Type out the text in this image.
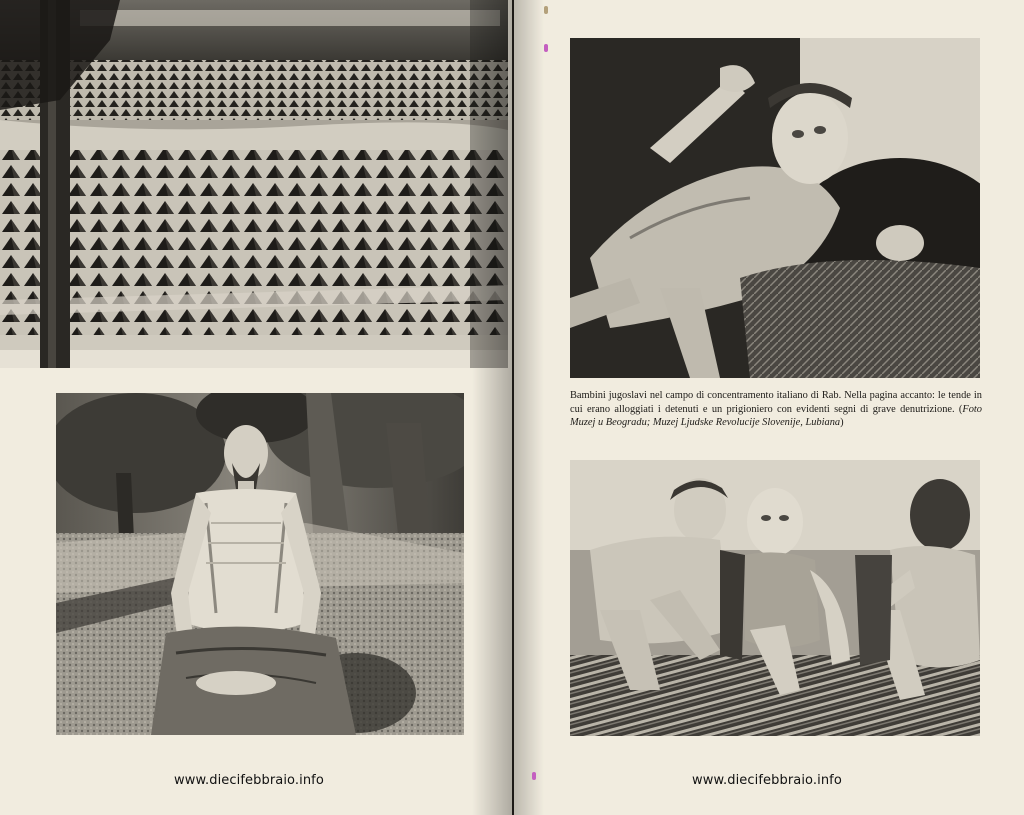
www.diecifebbraio.info
Bambini jugoslavi nel campo di concentramento italiano di Rab. Nella pagina accanto: le tende in cui erano alloggiati i detenuti e un prigioniero con evidenti segni di grave denutrizione. (Foto Muzej u Beogradu; Muzej Ljudske Revolucije Slovenije, Lubiana)
www.diecifebbraio.info
